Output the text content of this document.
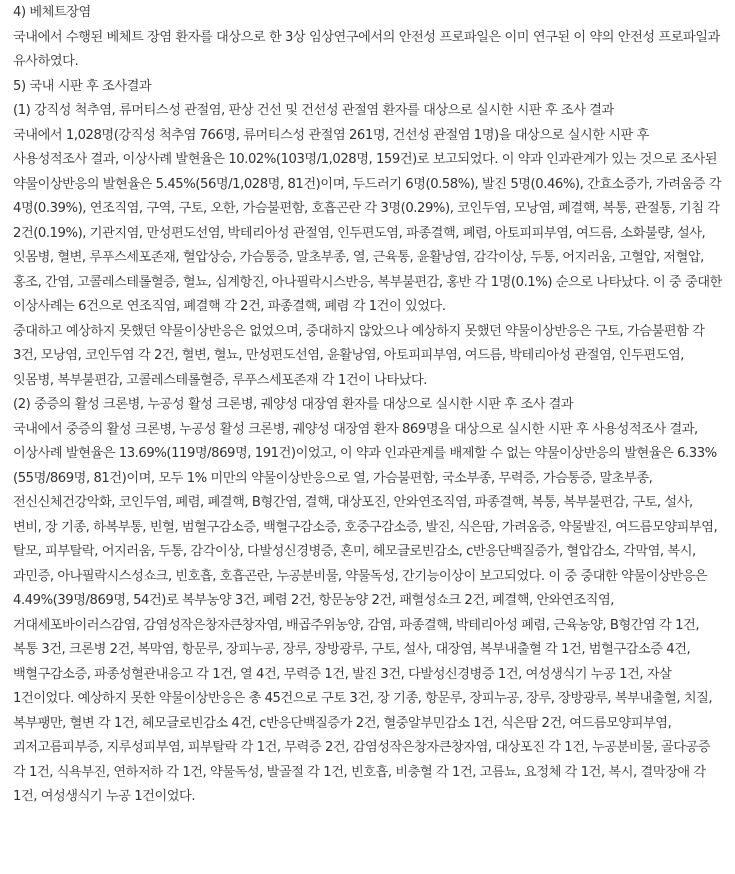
4) 베체트장염

국내에서 수행된 베체트 장염 환자를 대상으로 한 3상 임상연구에서의 안전성 프로파일은 이미 연구된 이 약의 안전성 프로파일과 유사하였다.

5) 국내 시판 후 조사결과

(1) 강직성 척추염, 류머티스성 관절염, 판상 건선 및 건선성 관절염 환자를 대상으로 실시한 시판 후 조사 결과

국내에서 1,028명(강직성 척추염 766명, 류머티스성 관절염 261명, 건선성 관절염 1명)을 대상으로 실시한 시판 후 사용성적조사 결과, 이상사례 발현율은 10.02%(103명/1,028명, 159건)로 보고되었다. 이 약과 인과관계가 있는 것으로 조사된 약물이상반응의 발현율은 5.45%(56명/1,028명, 81건)이며, 두드러기 6명(0.58%), 발진 5명(0.46%), 간효소증가, 가려움증 각 4명(0.39%), 연조직염, 구역, 구토, 오한, 가슴불편함, 호흡곤란 각 3명(0.29%), 코인두염, 모낭염, 폐결핵, 복통, 관절통, 기침 각 2건(0.19%), 기관지염, 만성편도선염, 박테리아성 관절염, 인두편도염, 파종결핵, 폐렴, 아토피피부염, 여드름, 소화불량, 설사, 잇몸병, 혈변, 루푸스세포존재, 혈압상승, 가슴통증, 말초부종, 열, 근육통, 윤활낭염, 감각이상, 두통, 어지러움, 고혈압, 저혈압, 홍조, 간염, 고콜레스테롤혈증, 혈뇨, 심계항진, 아나필락시스반응, 복부불편감, 홍반 각 1명(0.1%) 순으로 나타났다. 이 중 중대한 이상사례는 6건으로 연조직염, 폐결핵 각 2건, 파종결핵, 폐렴 각 1건이 있었다.

중대하고 예상하지 못했던 약물이상반응은 없었으며, 중대하지 않았으나 예상하지 못했던 약물이상반응은 구토, 가슴불편함 각 3건, 모낭염, 코인두염 각 2건, 혈변, 혈뇨, 만성편도선염, 윤활낭염, 아토피피부염, 여드름, 박테리아성 관절염, 인두편도염, 잇몸병, 복부불편감, 고콜레스테롤혈증, 루푸스세포존재 각 1건이 나타났다.

(2) 중증의 활성 크론병, 누공성 활성 크론병, 궤양성 대장염 환자를 대상으로 실시한 시판 후 조사 결과

국내에서 중증의 활성 크론병, 누공성 활성 크론병, 궤양성 대장염 환자 869명을 대상으로 실시한 시판 후 사용성적조사 결과, 이상사례 발현율은 13.69%(119명/869명, 191건)이었고, 이 약과 인과관계를 배제할 수 없는 약물이상반응의 발현율은 6.33%(55명/869명, 81건)이며, 모두 1% 미만의 약물이상반응으로 열, 가슴불편함, 국소부종, 무력증, 가슴통증, 말초부종, 전신신체건강악화, 코인두염, 폐렴, 폐결핵, B형간염, 결핵, 대상포진, 안와연조직염, 파종결핵, 복통, 복부불편감, 구토, 설사, 변비, 장 기종, 하복부통, 빈혈, 범혈구감소증, 백혈구감소증, 호중구감소증, 발진, 식은땀, 가려움증, 약물발진, 여드름모양피부염, 탈모, 피부탈락, 어지러움, 두통, 감각이상, 다발성신경병증, 혼미, 헤모글로빈감소, c반응단백질증가, 혈압감소, 각막염, 복시, 과민증, 아나필락시스성쇼크, 빈호흡, 호흡곤란, 누공분비물, 약물독성, 간기능이상이 보고되었다. 이 중 중대한 약물이상반응은 4.49%(39명/869명, 54건)로 복부농양 3건, 폐렴 2건, 항문농양 2건, 패혈성쇼크 2건, 폐결핵, 안와연조직염, 거대세포바이러스감염, 감염성작은창자큰창자염, 배곱주위농양, 감염, 파종결핵, 박테리아성 폐렴, 근육농양, B형간염 각 1건, 복통 3건, 크론병 2건, 복막염, 항문루, 장피누공, 장루, 장방광루, 구토, 설사, 대장염, 복부내출혈 각 1건, 범혈구감소증 4건, 백혈구감소증, 파종성혈관내응고 각 1건, 열 4건, 무력증 1건, 발진 3건, 다발성신경병증 1건, 여성생식기 누공 1건, 자살 1건이었다. 예상하지 못한 약물이상반응은 총 45건으로 구토 3건, 장 기종, 항문루, 장피누공, 장루, 장방광루, 복부내출혈, 치질, 복부팽만, 혈변 각 1건, 헤모글로빈감소 4건, c반응단백질증가 2건, 혈중알부민감소 1건, 식은땀 2건, 여드름모양피부염, 괴저고름피부증, 지루성피부염, 피부탈락 각 1건, 무력증 2건, 감염성작은창자큰창자염, 대상포진 각 1건, 누공분비물, 골다공증 각 1건, 식욕부진, 연하저하 각 1건, 약물독성, 발골절 각 1건, 빈호흡, 비충혈 각 1건, 고름뇨, 요정체 각 1건, 복시, 결막장애 각 1건, 여성생식기 누공 1건이었다.
